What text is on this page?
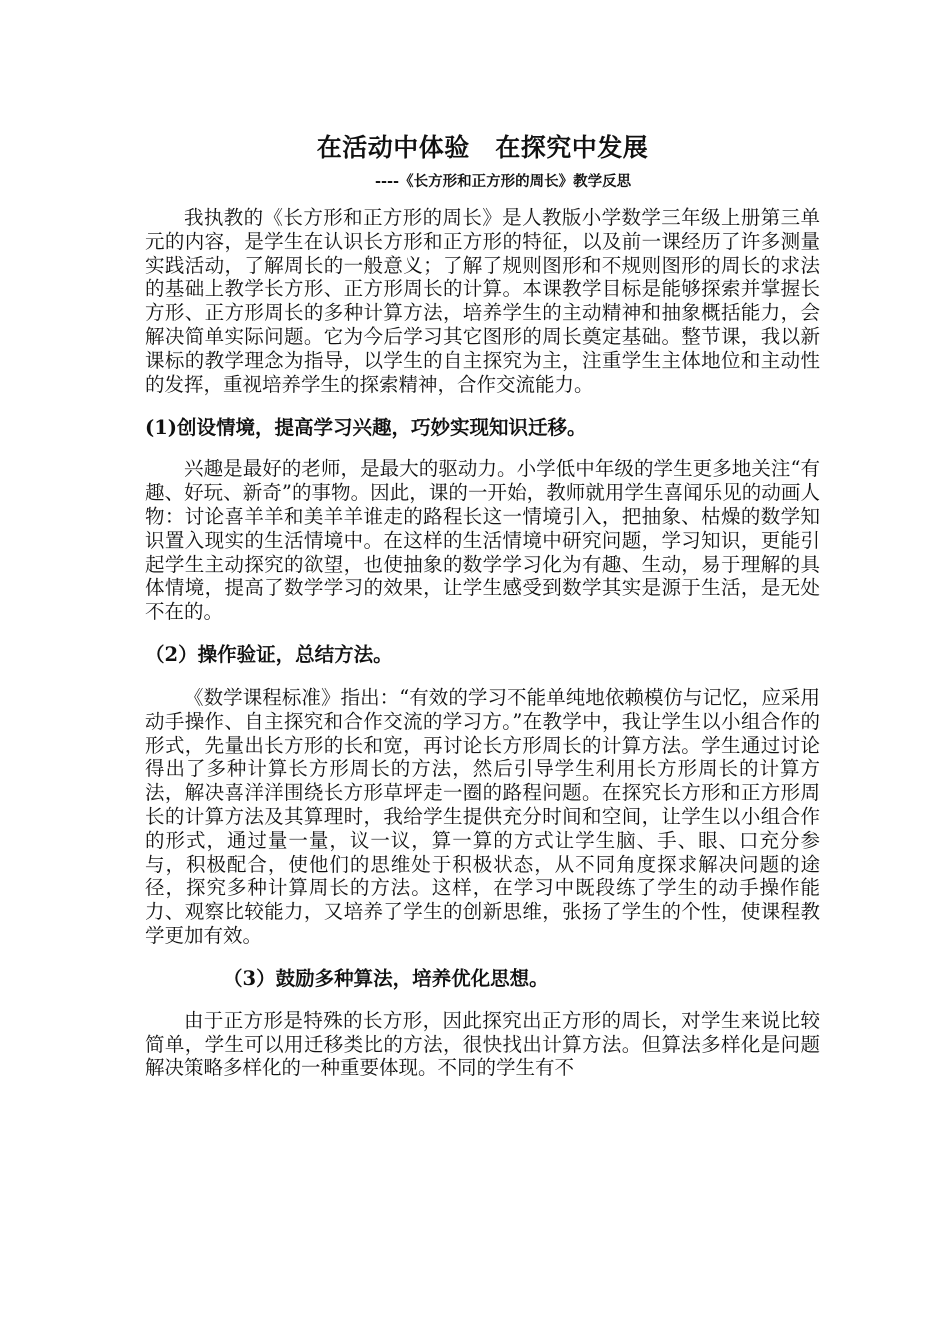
在活动中体验　在探究中发展
----《长方形和正方形的周长》教学反思

我执教的《长方形和正方形的周长》是人教版小学数学三年级上册第三单元的内容，是学生在认识长方形和正方形的特征，以及前一课经历了许多测量实践活动，了解周长的一般意义；了解了规则图形和不规则图形的周长的求法的基础上教学长方形、正方形周长的计算。本课教学目标是能够探索并掌握长方形、正方形周长的多种计算方法，培养学生的主动精神和抽象概括能力，会解决简单实际问题。它为今后学习其它图形的周长奠定基础。整节课，我以新课标的教学理念为指导，以学生的自主探究为主，注重学生主体地位和主动性的发挥，重视培养学生的探索精神，合作交流能力。

(1)创设情境，提高学习兴趣，巧妙实现知识迁移。

兴趣是最好的老师，是最大的驱动力。小学低中年级的学生更多地关注“有趣、好玩、新奇”的事物。因此，课的一开始，教师就用学生喜闻乐见的动画人物：讨论喜羊羊和美羊羊谁走的路程长这一情境引入，把抽象、枯燥的数学知识置入现实的生活情境中。在这样的生活情境中研究问题，学习知识，更能引起学生主动探究的欲望，也使抽象的数学学习化为有趣、生动，易于理解的具体情境，提高了数学学习的效果，让学生感受到数学其实是源于生活，是无处不在的。

（2）操作验证，总结方法。

《数学课程标准》指出：“有效的学习不能单纯地依赖模仿与记忆，应采用动手操作、自主探究和合作交流的学习方。”在教学中，我让学生以小组合作的形式，先量出长方形的长和宽，再讨论长方形周长的计算方法。学生通过讨论得出了多种计算长方形周长的方法，然后引导学生利用长方形周长的计算方法，解决喜洋洋围绕长方形草坪走一圈的路程问题。在探究长方形和正方形周长的计算方法及其算理时，我给学生提供充分时间和空间，让学生以小组合作的形式，通过量一量，议一议，算一算的方式让学生脑、手、眼、口充分参与，积极配合，使他们的思维处于积极状态，从不同角度探求解决问题的途径，探究多种计算周长的方法。这样，在学习中既段练了学生的动手操作能力、观察比较能力，又培养了学生的创新思维，张扬了学生的个性，使课程教学更加有效。

（3）鼓励多种算法，培养优化思想。

由于正方形是特殊的长方形，因此探究出正方形的周长，对学生来说比较简单，学生可以用迁移类比的方法，很快找出计算方法。但算法多样化是问题解决策略多样化的一种重要体现。不同的学生有不
